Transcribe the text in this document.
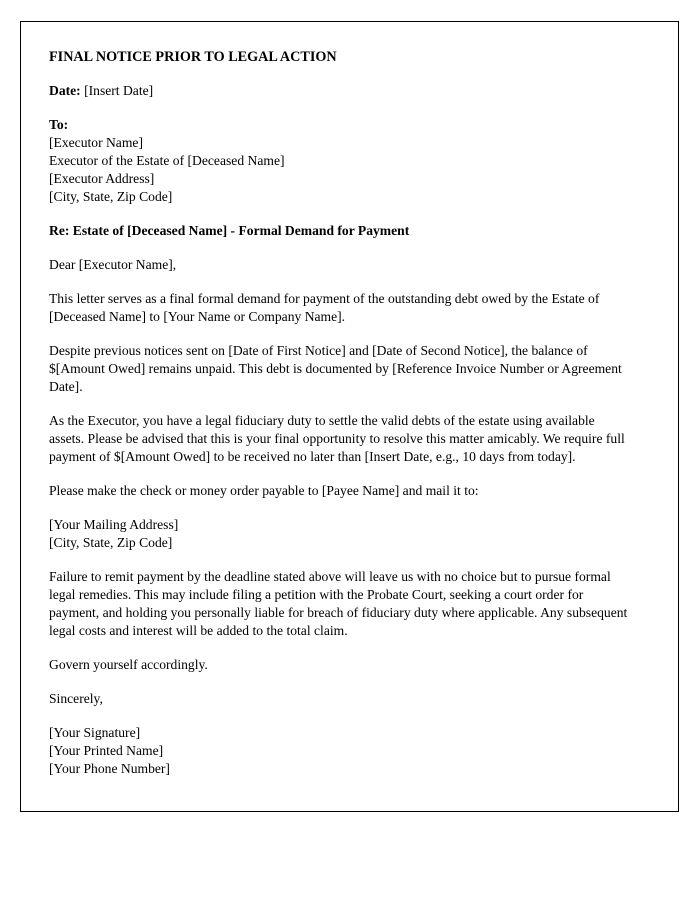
FINAL NOTICE PRIOR TO LEGAL ACTION

Date: [Insert Date]

To:

[Executor Name]

Executor of the Estate of [Deceased Name]

[Executor Address]

[City, State, Zip Code]

Re: Estate of [Deceased Name] - Formal Demand for Payment

Dear [Executor Name],

This letter serves as a final formal demand for payment of the outstanding debt owed by the Estate of [Deceased Name] to [Your Name or Company Name].

Despite previous notices sent on [Date of First Notice] and [Date of Second Notice], the balance of $[Amount Owed] remains unpaid. This debt is documented by [Reference Invoice Number or Agreement Date].

As the Executor, you have a legal fiduciary duty to settle the valid debts of the estate using available assets. Please be advised that this is your final opportunity to resolve this matter amicably. We require full payment of $[Amount Owed] to be received no later than [Insert Date, e.g., 10 days from today].

Please make the check or money order payable to [Payee Name] and mail it to:

[Your Mailing Address]

[City, State, Zip Code]

Failure to remit payment by the deadline stated above will leave us with no choice but to pursue formal legal remedies. This may include filing a petition with the Probate Court, seeking a court order for payment, and holding you personally liable for breach of fiduciary duty where applicable. Any subsequent legal costs and interest will be added to the total claim.

Govern yourself accordingly.

Sincerely,

[Your Signature]

[Your Printed Name]

[Your Phone Number]
